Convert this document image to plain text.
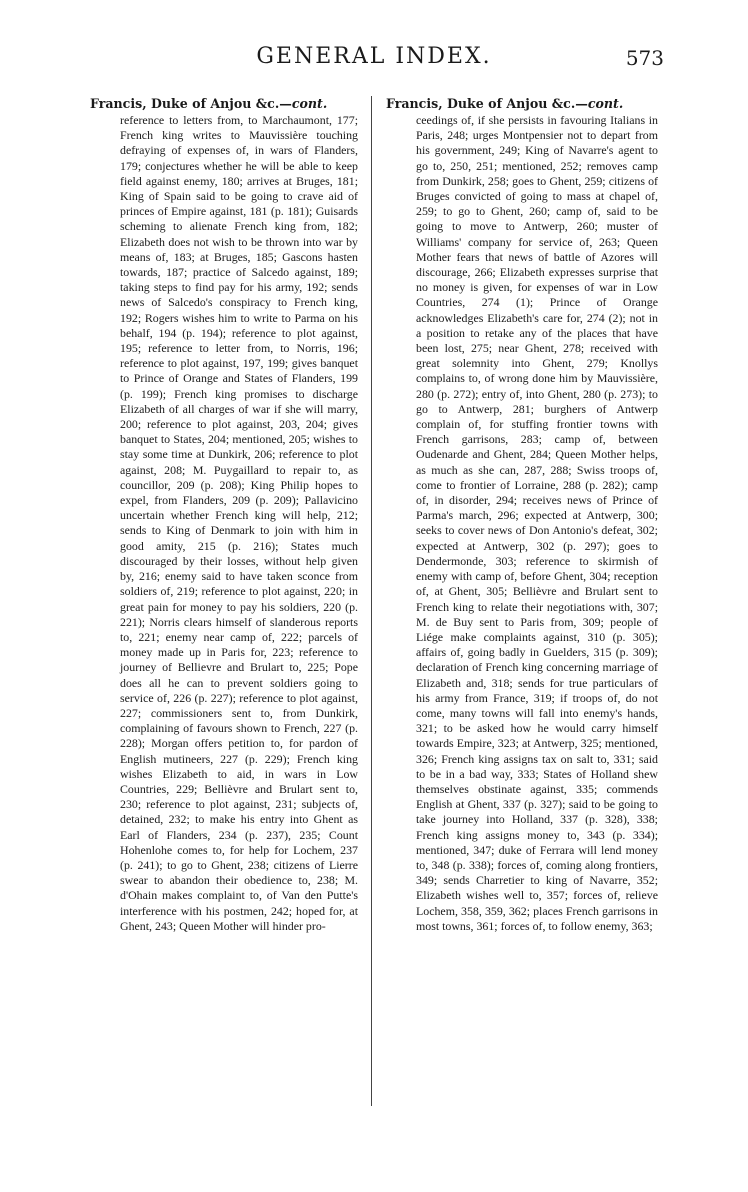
GENERAL INDEX.	573
Francis, Duke of Anjou &c.—cont.
reference to letters from, to Marchaumont, 177; French king writes to Mauvissière touching defraying of expenses of, in wars of Flanders, 179; conjectures whether he will be able to keep field against enemy, 180; arrives at Bruges, 181; King of Spain said to be going to crave aid of princes of Empire against, 181 (p. 181); Guisards scheming to alienate French king from, 182; Elizabeth does not wish to be thrown into war by means of, 183; at Bruges, 185; Gascons hasten towards, 187; practice of Salcedo against, 189; taking steps to find pay for his army, 192; sends news of Salcedo's conspiracy to French king, 192; Rogers wishes him to write to Parma on his behalf, 194 (p. 194); reference to plot against, 195; reference to letter from, to Norris, 196; reference to plot against, 197, 199; gives banquet to Prince of Orange and States of Flanders, 199 (p. 199); French king promises to discharge Elizabeth of all charges of war if she will marry, 200; reference to plot against, 203, 204; gives banquet to States, 204; mentioned, 205; wishes to stay some time at Dunkirk, 206; reference to plot against, 208; M. Puygaillard to repair to, as councillor, 209 (p. 208); King Philip hopes to expel, from Flanders, 209 (p. 209); Pallavicino uncertain whether French king will help, 212; sends to King of Denmark to join with him in good amity, 215 (p. 216); States much discouraged by their losses, without help given by, 216; enemy said to have taken sconce from soldiers of, 219; reference to plot against, 220; in great pain for money to pay his soldiers, 220 (p. 221); Norris clears himself of slanderous reports to, 221; enemy near camp of, 222; parcels of money made up in Paris for, 223; reference to journey of Bellievre and Brulart to, 225; Pope does all he can to prevent soldiers going to service of, 226 (p. 227); reference to plot against, 227; commissioners sent to, from Dunkirk, complaining of favours shown to French, 227 (p. 228); Morgan offers petition to, for pardon of English mutineers, 227 (p. 229); French king wishes Elizabeth to aid, in wars in Low Countries, 229; Bellièvre and Brulart sent to, 230; reference to plot against, 231; subjects of, detained, 232; to make his entry into Ghent as Earl of Flanders, 234 (p. 237), 235; Count Hohenlohe comes to, for help for Lochem, 237 (p. 241); to go to Ghent, 238; citizens of Lierre swear to abandon their obedience to, 238; M. d'Ohain makes complaint to, of Van den Putte's interference with his postmen, 242; hoped for, at Ghent, 243; Queen Mother will hinder pro-
Francis, Duke of Anjou &c.—cont.
ceedings of, if she persists in favouring Italians in Paris, 248; urges Montpensier not to depart from his government, 249; King of Navarre's agent to go to, 250, 251; mentioned, 252; removes camp from Dunkirk, 258; goes to Ghent, 259; citizens of Bruges convicted of going to mass at chapel of, 259; to go to Ghent, 260; camp of, said to be going to move to Antwerp, 260; muster of Williams' company for service of, 263; Queen Mother fears that news of battle of Azores will discourage, 266; Elizabeth expresses surprise that no money is given, for expenses of war in Low Countries, 274 (1); Prince of Orange acknowledges Elizabeth's care for, 274 (2); not in a position to retake any of the places that have been lost, 275; near Ghent, 278; received with great solemnity into Ghent, 279; Knollys complains to, of wrong done him by Mauvissière, 280 (p. 272); entry of, into Ghent, 280 (p. 273); to go to Antwerp, 281; burghers of Antwerp complain of, for stuffing frontier towns with French garrisons, 283; camp of, between Oudenarde and Ghent, 284; Queen Mother helps, as much as she can, 287, 288; Swiss troops of, come to frontier of Lorraine, 288 (p. 282); camp of, in disorder, 294; receives news of Prince of Parma's march, 296; expected at Antwerp, 300; seeks to cover news of Don Antonio's defeat, 302; expected at Antwerp, 302 (p. 297); goes to Dendermonde, 303; reference to skirmish of enemy with camp of, before Ghent, 304; reception of, at Ghent, 305; Bellièvre and Brulart sent to French king to relate their negotiations with, 307; M. de Buy sent to Paris from, 309; people of Liége make complaints against, 310 (p. 305); affairs of, going badly in Guelders, 315 (p. 309); declaration of French king concerning marriage of Elizabeth and, 318; sends for true particulars of his army from France, 319; if troops of, do not come, many towns will fall into enemy's hands, 321; to be asked how he would carry himself towards Empire, 323; at Antwerp, 325; mentioned, 326; French king assigns tax on salt to, 331; said to be in a bad way, 333; States of Holland shew themselves obstinate against, 335; commends English at Ghent, 337 (p. 327); said to be going to take journey into Holland, 337 (p. 328), 338; French king assigns money to, 343 (p. 334); mentioned, 347; duke of Ferrara will lend money to, 348 (p. 338); forces of, coming along frontiers, 349; sends Charretier to king of Navarre, 352; Elizabeth wishes well to, 357; forces of, relieve Lochem, 358, 359, 362; places French garrisons in most towns, 361; forces of, to follow enemy, 363;
